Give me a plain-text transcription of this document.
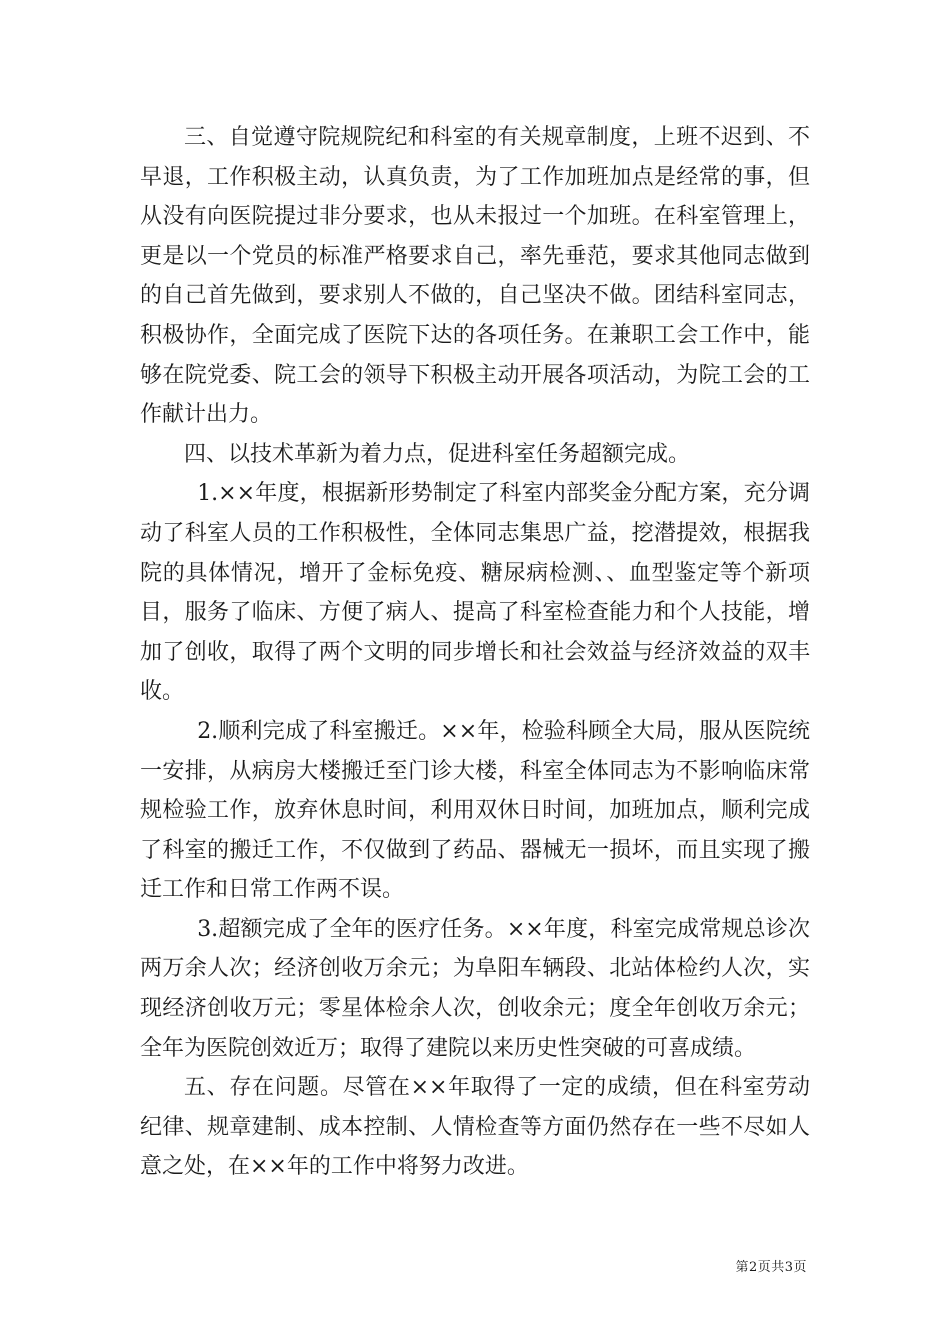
三、自觉遵守院规院纪和科室的有关规章制度，上班不迟到、不早退，工作积极主动，认真负责，为了工作加班加点是经常的事，但从没有向医院提过非分要求，也从未报过一个加班。在科室管理上，更是以一个党员的标准严格要求自己，率先垂范，要求其他同志做到的自己首先做到，要求别人不做的，自己坚决不做。团结科室同志，积极协作，全面完成了医院下达的各项任务。在兼职工会工作中，能够在院党委、院工会的领导下积极主动开展各项活动，为院工会的工作献计出力。

四、以技术革新为着力点，促进科室任务超额完成。

1.××年度，根据新形势制定了科室内部奖金分配方案，充分调动了科室人员的工作积极性，全体同志集思广益，挖潜提效，根据我院的具体情况，增开了金标免疫、糖尿病检测、、血型鉴定等个新项目，服务了临床、方便了病人、提高了科室检查能力和个人技能，增加了创收，取得了两个文明的同步增长和社会效益与经济效益的双丰收。

2.顺利完成了科室搬迁。××年，检验科顾全大局，服从医院统一安排，从病房大楼搬迁至门诊大楼，科室全体同志为不影响临床常规检验工作，放弃休息时间，利用双休日时间，加班加点，顺利完成了科室的搬迁工作，不仅做到了药品、器械无一损坏，而且实现了搬迁工作和日常工作两不误。

3.超额完成了全年的医疗任务。××年度，科室完成常规总诊次两万余人次；经济创收万余元；为阜阳车辆段、北站体检约人次，实现经济创收万元；零星体检余人次，创收余元；度全年创收万余元；全年为医院创效近万；取得了建院以来历史性突破的可喜成绩。

五、存在问题。尽管在××年取得了一定的成绩，但在科室劳动纪律、规章建制、成本控制、人情检查等方面仍然存在一些不尽如人意之处，在××年的工作中将努力改进。

第2页共3页
